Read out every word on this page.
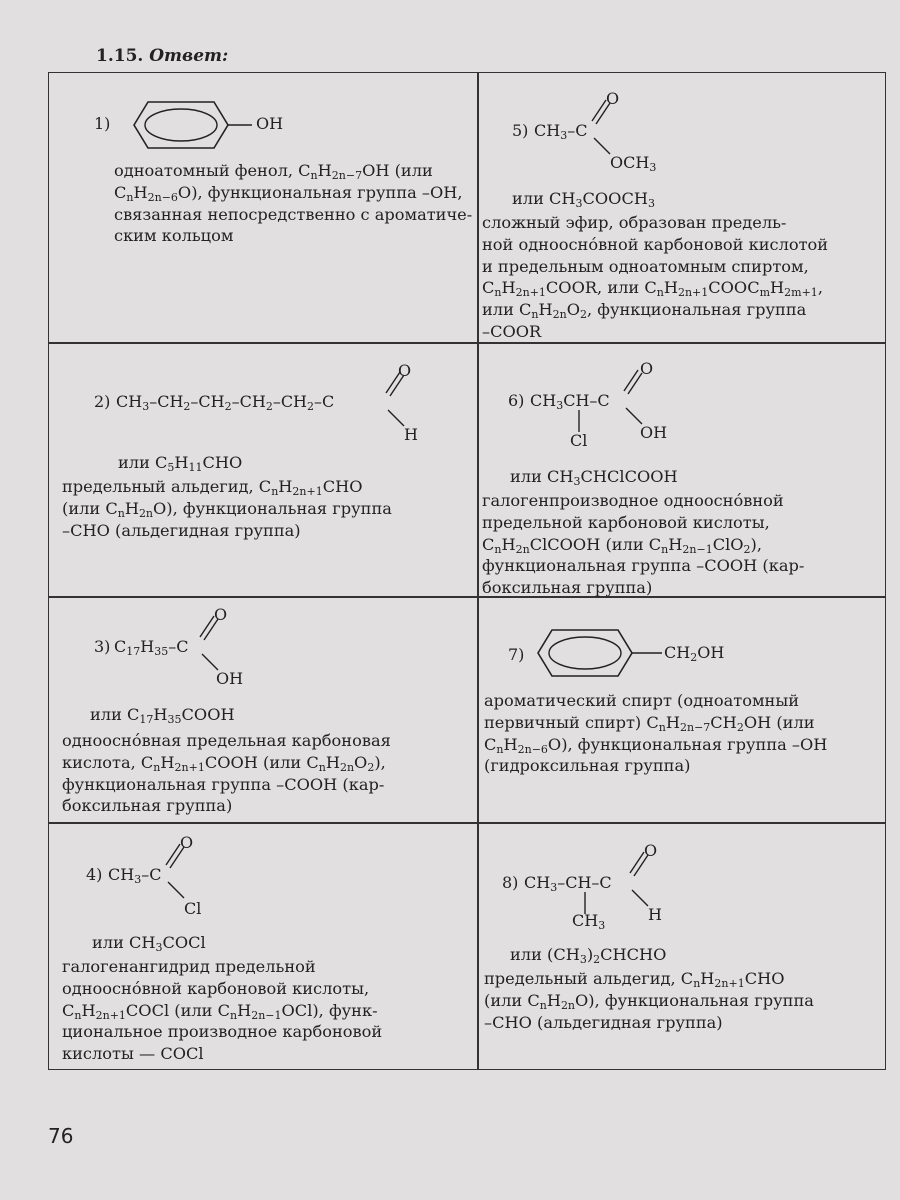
1.15. Ответ:
1)	OH
одноатомный фенол, $C_nH_{2n-7}OH$ (или
$C_nH_{2n-6}O$), функциональная группа –OH,
связанная непосредственно с ароматиче-
ским кольцом
2) $CH_3-CH_2-CH_2-CH_2-CH_2-C$
O
H
или $C_5H_{11}CHO$
предельный альдегид, $C_nH_{2n+1}CHO$
(или $C_nH_{2n}O$), функциональная группа
–CHO (альдегидная группа)
3) $C_{17}H_{35}-C$
O
OH
или $C_{17}H_{35}COOH$
одноосно́вная предельная карбоновая
кислота, $C_nH_{2n+1}COOH$ (или $C_nH_{2n}O_2$),
функциональная группа –COOH (кар-
боксильная группа)
4) $CH_3-C$
O
Cl
или $CH_3COCl$
галогенангидрид предельной
одноосно́вной карбоновой кислоты,
$C_nH_{2n+1}COCl$ (или $C_nH_{2n-1}OCl$), функ-
циональное производное карбоновой
кислоты — COCl
5) $CH_3-C$
O
$OCH_3$
или $CH_3COOCH_3$
сложный эфир, образован предель-
ной одноосно́вной карбоновой кислотой
и предельным одноатомным спиртом,
$C_nH_{2n+1}COOR$, или $C_nH_{2n+1}COOC_mH_{2m+1}$,
или $C_nH_{2n}O_2$, функциональная группа
–COOR
6) $CH_3CH-C$
Cl
O
OH
или $CH_3CHClCOOH$
галогенпроизводное одноосно́вной
предельной карбоновой кислоты,
$C_nH_{2n}ClCOOH$ (или $C_nH_{2n-1}ClO_2$),
функциональная группа –COOH (кар-
боксильная группа)
7)	$CH_2OH$
ароматический спирт (одноатомный
первичный спирт) $C_nH_{2n-7}CH_2OH$ (или
$C_nH_{2n-6}O$), функциональная группа –OH
(гидроксильная группа)
8) $CH_3-CH-C$
$CH_3$
O
H
или $(CH_3)_2CHCHO$
предельный альдегид, $C_nH_{2n+1}CHO$
(или $C_nH_{2n}O$), функциональная группа
–CHO (альдегидная группа)
76
